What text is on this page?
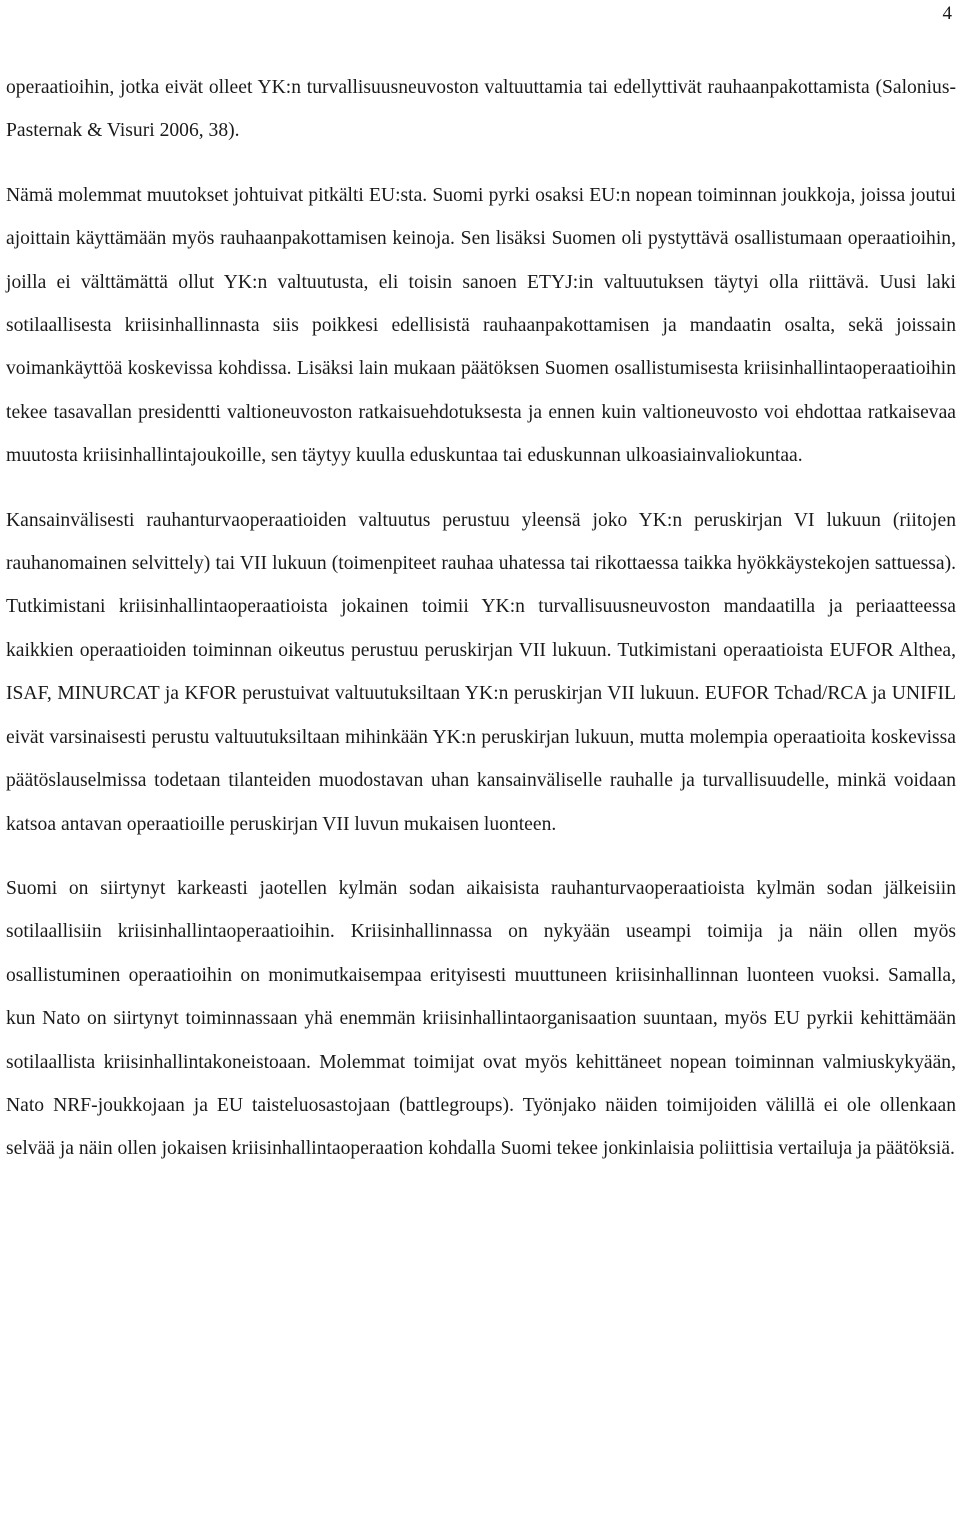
4

operaatioihin, jotka eivät olleet YK:n turvallisuusneuvoston valtuuttamia tai edellyttivät rauhaanpakottamista (Salonius-Pasternak & Visuri 2006, 38).

Nämä molemmat muutokset johtuivat pitkälti EU:sta. Suomi pyrki osaksi EU:n nopean toiminnan joukkoja, joissa joutui ajoittain käyttämään myös rauhaanpakottamisen keinoja. Sen lisäksi Suomen oli pystyttävä osallistumaan operaatioihin, joilla ei välttämättä ollut YK:n valtuutusta, eli toisin sanoen ETYJ:in valtuutuksen täytyi olla riittävä. Uusi laki sotilaallisesta kriisinhallinnasta siis poikkesi edellisistä rauhaanpakottamisen ja mandaatin osalta, sekä joissain voimankäyttöä koskevissa kohdissa. Lisäksi lain mukaan päätöksen Suomen osallistumisesta kriisinhallintaoperaatioihin tekee tasavallan presidentti valtioneuvoston ratkaisuehdotuksesta ja ennen kuin valtioneuvosto voi ehdottaa ratkaisevaa muutosta kriisinhallintajoukoille, sen täytyy kuulla eduskuntaa tai eduskunnan ulkoasiainvaliokuntaa.

Kansainvälisesti rauhanturvaoperaatioiden valtuutus perustuu yleensä joko YK:n peruskirjan VI lukuun (riitojen rauhanomainen selvittely) tai VII lukuun (toimenpiteet rauhaa uhatessa tai rikottaessa taikka hyökkäystekojen sattuessa). Tutkimistani kriisinhallintaoperaatioista jokainen toimii YK:n turvallisuusneuvoston mandaatilla ja periaatteessa kaikkien operaatioiden toiminnan oikeutus perustuu peruskirjan VII lukuun. Tutkimistani operaatioista EUFOR Althea, ISAF, MINURCAT ja KFOR perustuivat valtuutuksiltaan YK:n peruskirjan VII lukuun. EUFOR Tchad/RCA ja UNIFIL eivät varsinaisesti perustu valtuutuksiltaan mihinkään YK:n peruskirjan lukuun, mutta molempia operaatioita koskevissa päätöslauselmissa todetaan tilanteiden muodostavan uhan kansainväliselle rauhalle ja turvallisuudelle, minkä voidaan katsoa antavan operaatioille peruskirjan VII luvun mukaisen luonteen.

Suomi on siirtynyt karkeasti jaotellen kylmän sodan aikaisista rauhanturvaoperaatioista kylmän sodan jälkeisiin sotilaallisiin kriisinhallintaoperaatioihin. Kriisinhallinnassa on nykyään useampi toimija ja näin ollen myös osallistuminen operaatioihin on monimutkaisempaa erityisesti muuttuneen kriisinhallinnan luonteen vuoksi. Samalla, kun Nato on siirtynyt toiminnassaan yhä enemmän kriisinhallintaorganisaation suuntaan, myös EU pyrkii kehittämään sotilaallista kriisinhallintakoneistoaan. Molemmat toimijat ovat myös kehittäneet nopean toiminnan valmiuskykyään, Nato NRF-joukkojaan ja EU taisteluosastojaan (battlegroups). Työnjako näiden toimijoiden välillä ei ole ollenkaan selvää ja näin ollen jokaisen kriisinhallintaoperaation kohdalla Suomi tekee jonkinlaisia poliittisia vertailuja ja päätöksiä.
